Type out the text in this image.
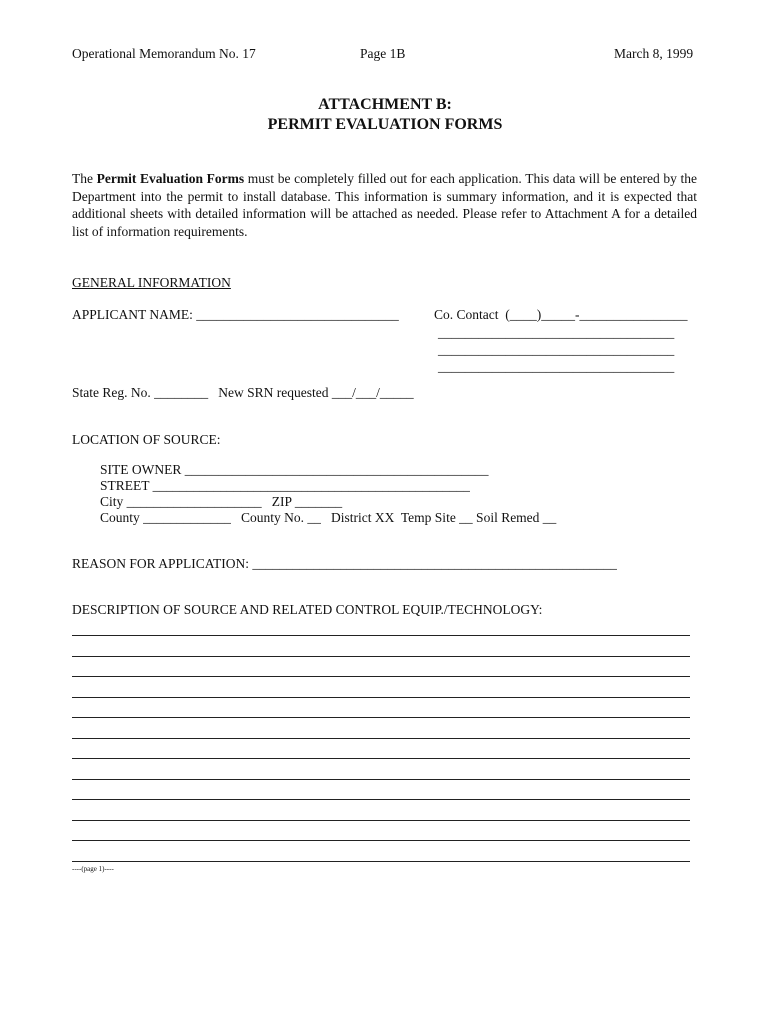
Operational Memorandum No. 17	Page 1B	March 8, 1999
ATTACHMENT B:
PERMIT EVALUATION FORMS
The Permit Evaluation Forms must be completely filled out for each application. This data will be entered by the Department into the permit to install database. This information is summary information, and it is expected that additional sheets with detailed information will be attached as needed. Please refer to Attachment A for a detailed list of information requirements.
GENERAL INFORMATION
APPLICANT NAME: ______________________________	Co. Contact  (____)_____-________________
___________________________________
___________________________________
___________________________________
State Reg. No. ________   New SRN requested ___/___/_____
LOCATION OF SOURCE:
SITE OWNER _____________________________________________
STREET _______________________________________________
City ____________________   ZIP _______
County _____________   County No. __   District XX  Temp Site __ Soil Remed __
REASON FOR APPLICATION: ______________________________________________________
DESCRIPTION OF SOURCE AND RELATED CONTROL EQUIP./TECHNOLOGY:
----(page 1)----
